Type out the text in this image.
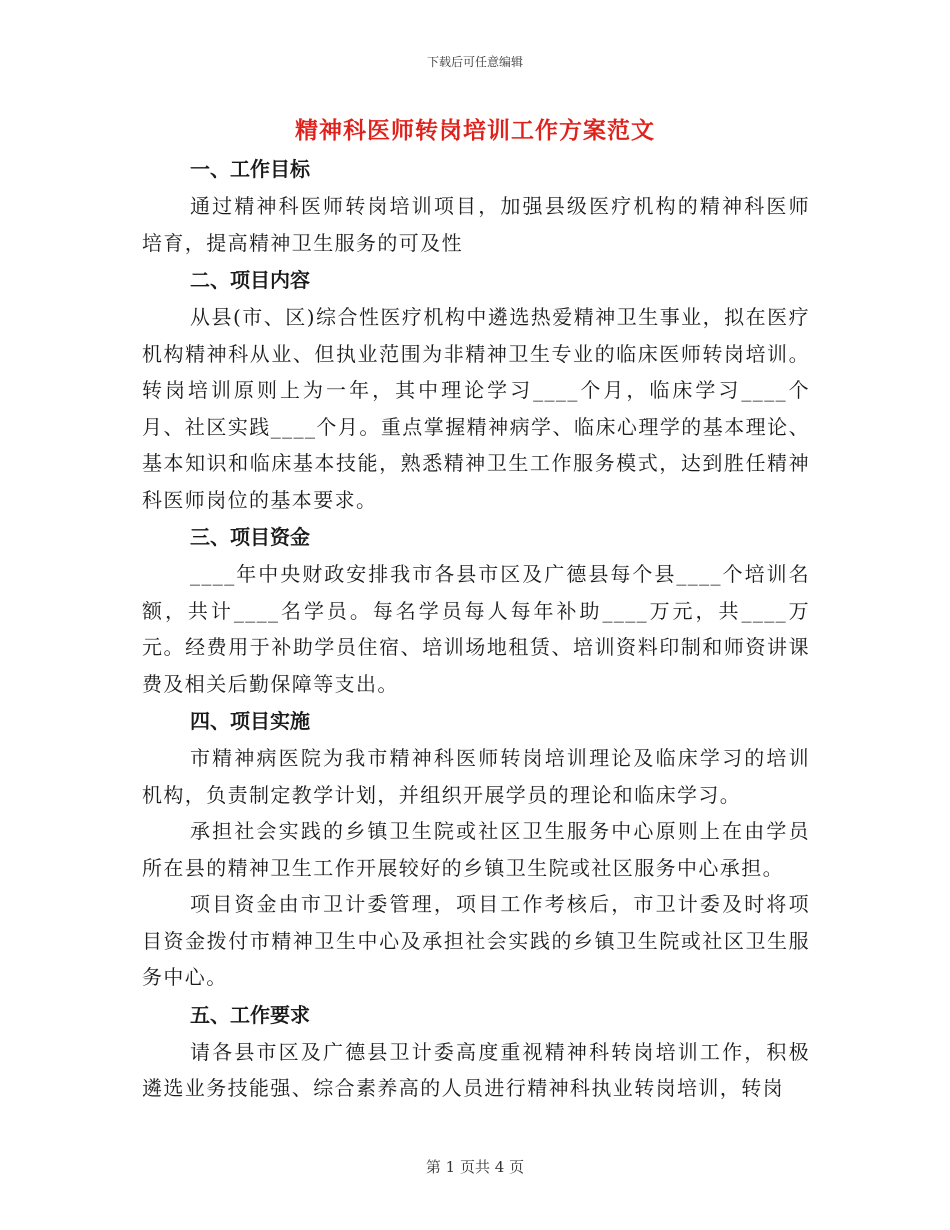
下载后可任意编辑
精神科医师转岗培训工作方案范文
一、工作目标

通过精神科医师转岗培训项目，加强县级医疗机构的精神科医师培育，提高精神卫生服务的可及性

二、项目内容

从县(市、区)综合性医疗机构中遴选热爱精神卫生事业，拟在医疗机构精神科从业、但执业范围为非精神卫生专业的临床医师转岗培训。转岗培训原则上为一年，其中理论学习____个月，临床学习____个月、社区实践____个月。重点掌握精神病学、临床心理学的基本理论、基本知识和临床基本技能，熟悉精神卫生工作服务模式，达到胜任精神科医师岗位的基本要求。

三、项目资金

____年中央财政安排我市各县市区及广德县每个县____个培训名额，共计____名学员。每名学员每人每年补助____万元，共____万元。经费用于补助学员住宿、培训场地租赁、培训资料印制和师资讲课费及相关后勤保障等支出。

四、项目实施

市精神病医院为我市精神科医师转岗培训理论及临床学习的培训机构，负责制定教学计划，并组织开展学员的理论和临床学习。

承担社会实践的乡镇卫生院或社区卫生服务中心原则上在由学员所在县的精神卫生工作开展较好的乡镇卫生院或社区服务中心承担。

项目资金由市卫计委管理，项目工作考核后，市卫计委及时将项目资金拨付市精神卫生中心及承担社会实践的乡镇卫生院或社区卫生服务中心。

五、工作要求

请各县市区及广德县卫计委高度重视精神科转岗培训工作，积极遴选业务技能强、综合素养高的人员进行精神科执业转岗培训，转岗

第 1 页共 4 页
